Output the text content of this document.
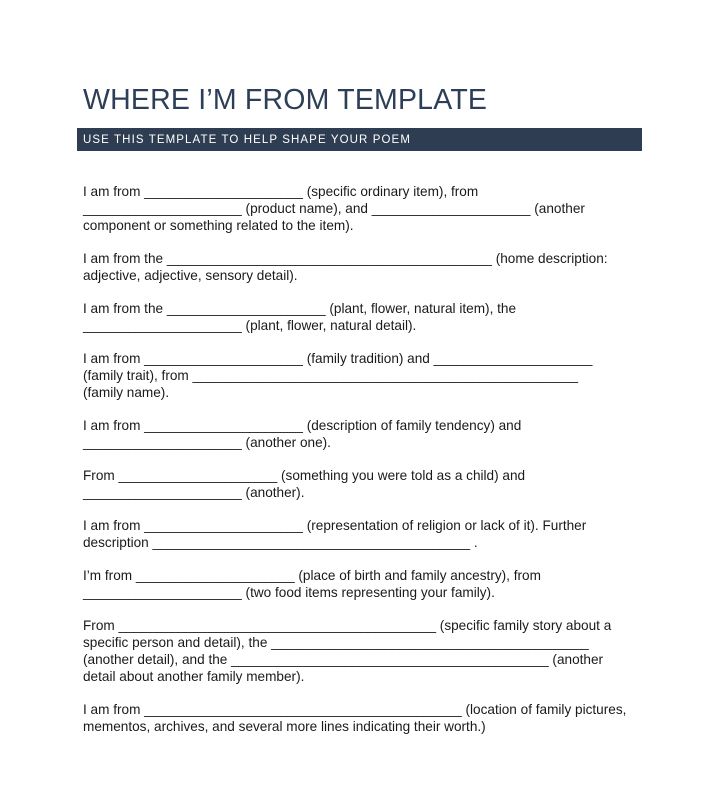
WHERE I’M FROM TEMPLATE
USE THIS TEMPLATE TO HELP SHAPE YOUR POEM

I am from _____________________ (specific ordinary item), from
_____________________ (product name), and _____________________ (another
component or something related to the item).

I am from the ___________________________________________ (home description:
adjective, adjective, sensory detail).

I am from the _____________________ (plant, flower, natural item), the
_____________________ (plant, flower, natural detail).

I am from _____________________ (family tradition) and _____________________
(family trait), from ___________________________________________________
(family name).

I am from _____________________ (description of family tendency) and
_____________________ (another one).

From _____________________ (something you were told as a child) and
_____________________ (another).

I am from _____________________ (representation of religion or lack of it). Further
description __________________________________________ .

I’m from _____________________ (place of birth and family ancestry), from
_____________________ (two food items representing your family).

From __________________________________________ (specific family story about a
specific person and detail), the __________________________________________
(another detail), and the __________________________________________ (another
detail about another family member).

I am from __________________________________________ (location of family pictures,
mementos, archives, and several more lines indicating their worth.)
